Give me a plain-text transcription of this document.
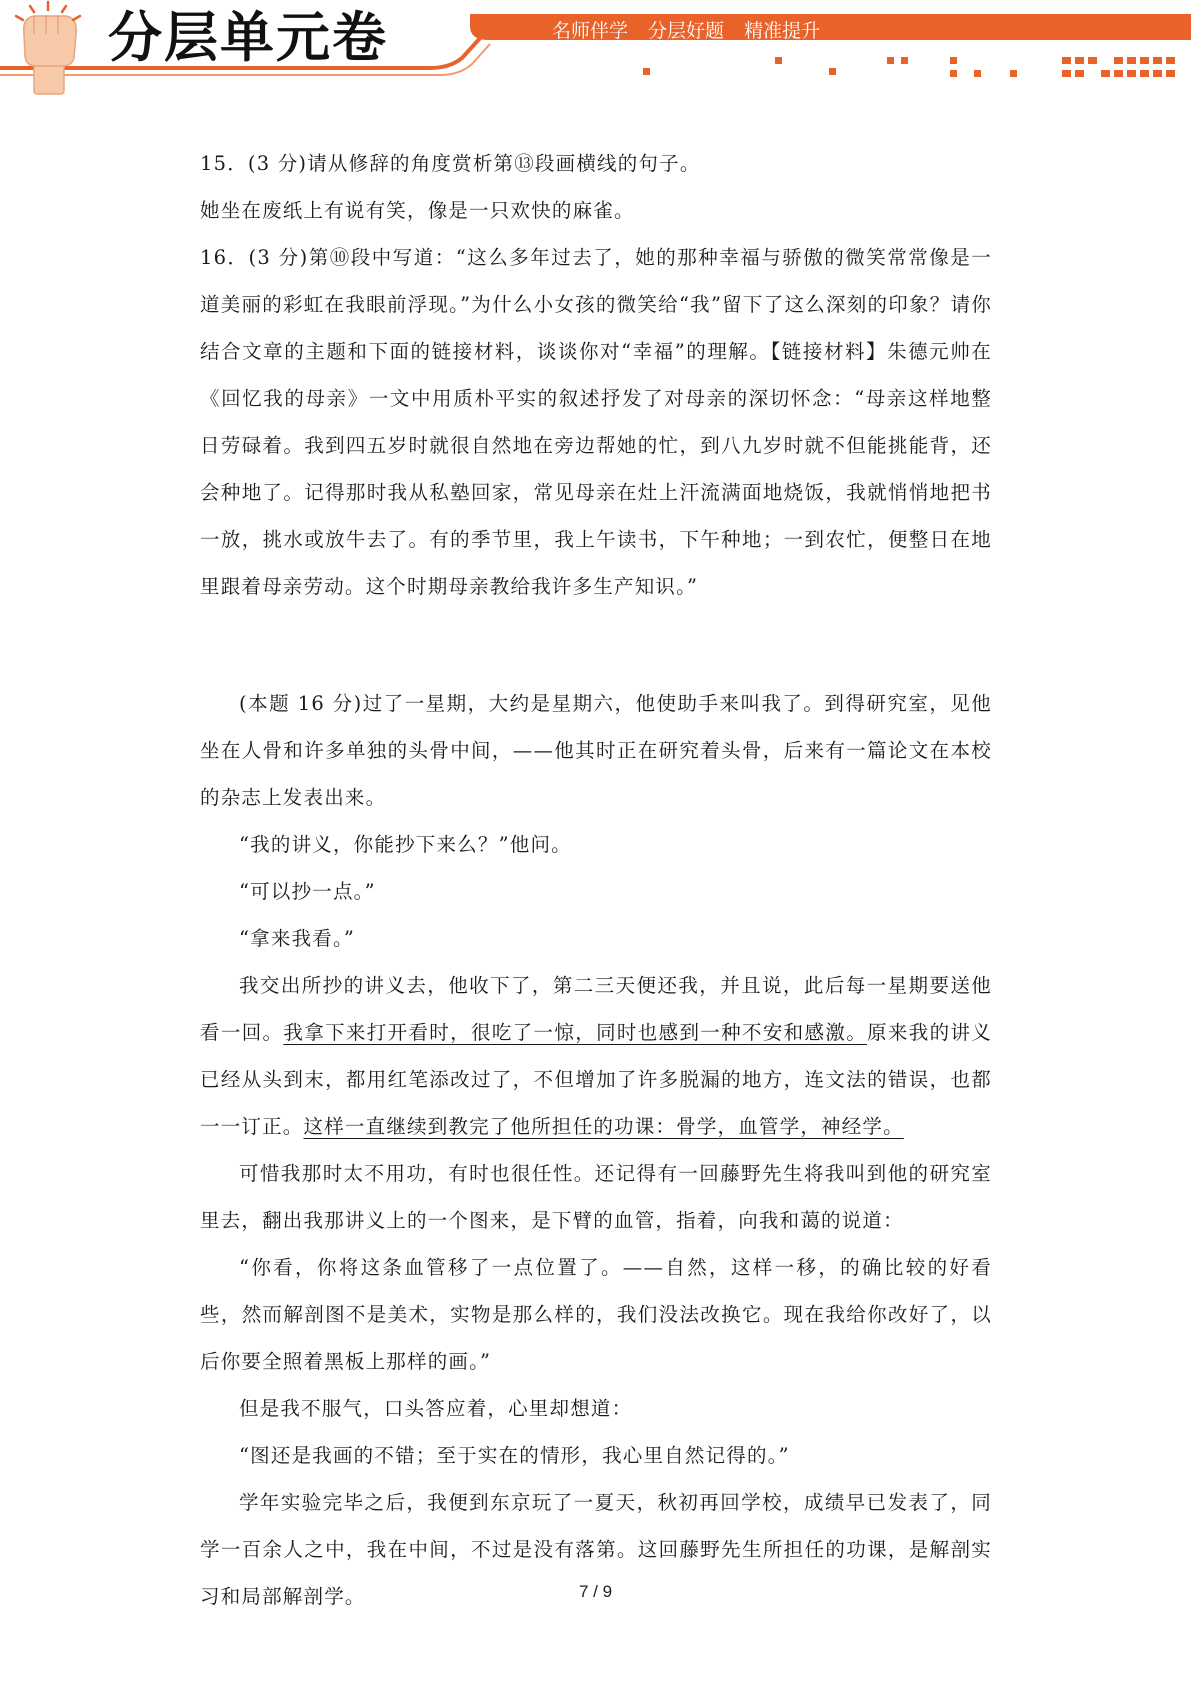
分层单元卷	名师伴学 分层好题 精准提升

15．(3 分)请从修辞的角度赏析第⑬段画横线的句子。

她坐在废纸上有说有笑，像是一只欢快的麻雀。

16．(3 分)第⑩段中写道：“这么多年过去了，她的那种幸福与骄傲的微笑常常像是一道美丽的彩虹在我眼前浮现。”为什么小女孩的微笑给“我”留下了这么深刻的印象？请你结合文章的主题和下面的链接材料，谈谈你对“幸福”的理解。【链接材料】朱德元帅在《回忆我的母亲》一文中用质朴平实的叙述抒发了对母亲的深切怀念：“母亲这样地整日劳碌着。我到四五岁时就很自然地在旁边帮她的忙，到八九岁时就不但能挑能背，还会种地了。记得那时我从私塾回家，常见母亲在灶上汗流满面地烧饭，我就悄悄地把书一放，挑水或放牛去了。有的季节里，我上午读书，下午种地；一到农忙，便整日在地里跟着母亲劳动。这个时期母亲教给我许多生产知识。”

(本题 16 分)过了一星期，大约是星期六，他使助手来叫我了。到得研究室，见他坐在人骨和许多单独的头骨中间，——他其时正在研究着头骨，后来有一篇论文在本校的杂志上发表出来。

“我的讲义，你能抄下来么？”他问。

“可以抄一点。”

“拿来我看。”

我交出所抄的讲义去，他收下了，第二三天便还我，并且说，此后每一星期要送他看一回。我拿下来打开看时，很吃了一惊，同时也感到一种不安和感激。原来我的讲义已经从头到末，都用红笔添改过了，不但增加了许多脱漏的地方，连文法的错误，也都一一订正。这样一直继续到教完了他所担任的功课：骨学，血管学，神经学。

可惜我那时太不用功，有时也很任性。还记得有一回藤野先生将我叫到他的研究室里去，翻出我那讲义上的一个图来，是下臂的血管，指着，向我和蔼的说道：

“你看，你将这条血管移了一点位置了。——自然，这样一移，的确比较的好看些，然而解剖图不是美术，实物是那么样的，我们没法改换它。现在我给你改好了，以后你要全照着黑板上那样的画。”

但是我不服气，口头答应着，心里却想道：

“图还是我画的不错；至于实在的情形，我心里自然记得的。”

学年实验完毕之后，我便到东京玩了一夏天，秋初再回学校，成绩早已发表了，同学一百余人之中，我在中间，不过是没有落第。这回藤野先生所担任的功课，是解剖实习和局部解剖学。	7 / 9
